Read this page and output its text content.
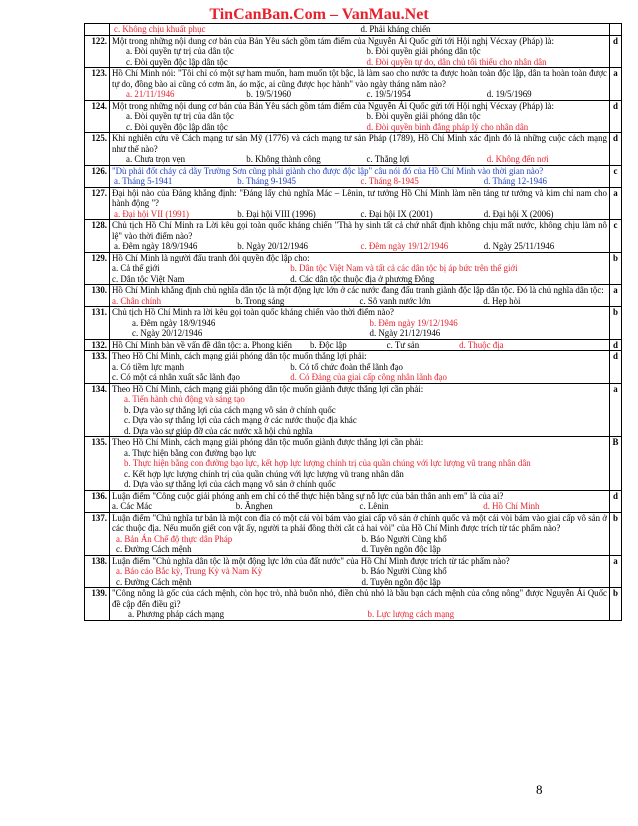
TinCanBan.Com – VanMau.Net

	c. Không chịu khuất phục d. Phải kháng chiến	

122.	Một trong những nội dung cơ bản của Bản Yêu sách gồm tám điểm của Nguyễn Ái Quốc gửi tới Hội nghị Vécxay (Pháp) là:
a. Đòi quyền tự trị của dân tộc b. Đòi quyền giải phóng dân tộc
c. Đòi quyền độc lập dân tộc d. Đòi quyền tự do, dân chủ tối thiểu cho nhân dân	d
123.	Hồ Chí Minh nói: "Tôi chỉ có một sự ham muốn, ham muốn tột bậc, là làm sao cho nước ta được hoàn toàn độc lập, dân ta hoàn toàn được tự do, đồng bào ai cũng có cơm ăn, áo mặc, ai cũng được học hành" vào ngày tháng năm nào?
a. 21/11/1946 b. 19/5/1960 c. 19/5/1954 d. 19/5/1969	a
124.	Một trong những nội dung cơ bản của Bản Yêu sách gồm tám điểm của Nguyễn Ái Quốc gửi tới Hội nghị Vécxay (Pháp) là:
a. Đòi quyền tự trị của dân tộc b. Đòi quyền giải phóng dân tộc
c. Đòi quyền độc lập dân tộc d. Đòi quyền bình đẳng pháp lý cho nhân dân	d
125.	Khi nghiên cứu về Cách mạng tư sản Mỹ (1776) và cách mạng tư sản Pháp (1789), Hồ Chí Minh xác định đó là những cuộc cách mạng như thế nào?
a. Chưa trọn vẹn b. Không thành công c. Thắng lợi d. Không đến nơi	d
126.	"Dù phải đốt cháy cả dãy Trường Sơn cũng phải giành cho được độc lập" câu nói đó của Hồ Chí Minh vào thời gian nào?
a. Tháng 5-1941 b. Tháng 9-1945 c. Tháng 8-1945 d. Tháng 12-1946	c
127.	Đại hội nào của Đảng khẳng định: "Đảng lấy chủ nghĩa Mác – Lênin, tư tưởng Hồ Chí Minh làm nền tảng tư tưởng và kim chỉ nam cho hành động "?
a. Đại hội VII (1991) b. Đại hội VIII (1996) c. Đại hội IX (2001) d. Đại hội X (2006)	a
128.	Chủ tịch Hồ Chí Minh ra Lời kêu gọi toàn quốc kháng chiến "Thà hy sinh tất cả chứ nhất định không chịu mất nước, không chịu làm nô lệ" vào thời điểm nào?
a. Đêm ngày 18/9/1946 b. Ngày 20/12/1946 c. Đêm ngày 19/12/1946 d. Ngày 25/11/1946	c
129.	Hồ Chí Minh là người đấu tranh đòi quyền độc lập cho:
a. Cả thế giới b. Dân tộc Việt Nam và tất cả các dân tộc bị áp bức trên thế giới
c. Dân tộc Việt Nam d. Các dân tộc thuộc địa ở phương Đông	b
130.	Hồ Chí Minh khẳng định chủ nghĩa dân tộc là một động lực lớn ở các nước đang đấu tranh giành độc lập dân tộc. Đó là chủ nghĩa dân tộc:
a. Chân chính b. Trong sáng c. Sô vanh nước lớn d. Hẹp hòi	a
131.	Chủ tịch Hồ Chí Minh ra lời kêu gọi toàn quốc kháng chiến vào thời điểm nào?
a. Đêm ngày 18/9/1946 b. Đêm ngày 19/12/1946
c. Ngày 20/12/1946 d. Ngày 21/12/1946	b
132.	Hồ Chí Minh bàn về vấn đề dân tộc: a. Phong kiến b. Độc lập c. Tư sản d. Thuộc địa	d
133.	Theo Hồ Chí Minh, cách mạng giải phóng dân tộc muốn thắng lợi phải:
a. Có tiềm lực mạnh b. Có tổ chức đoàn thể lãnh đạo
c. Có một cá nhân xuất sắc lãnh đạo d. Có Đảng của giai cấp công nhân lãnh đạo	d
134.	Theo Hồ Chí Minh, cách mạng giải phóng dân tộc muốn giành được thắng lợi cần phải:
a. Tiến hành chủ động và sáng tạo
b. Dựa vào sự thắng lợi của cách mạng vô sản ở chính quốc
c. Dựa vào sự thắng lợi của cách mạng ở các nước thuộc địa khác
d. Dựa vào sự giúp đỡ của các nước xã hội chủ nghĩa	a
135.	Theo Hồ Chí Minh, cách mạng giải phóng dân tộc muốn giành được thắng lợi cần phải:
a. Thực hiện bằng con đường bạo lực
b. Thực hiện bằng con đường bạo lực, kết hợp lực lượng chính trị của quần chúng với lực lượng vũ trang nhân dân
c. Kết hợp lực lượng chính trị của quần chúng với lực lượng vũ trang nhân dân
d. Dựa vào sự thắng lợi của cách mạng vô sản ở chính quốc	B
136.	Luận điểm "Công cuộc giải phóng anh em chỉ có thể thực hiện bằng sự nỗ lực của bản thân anh em" là của ai?
a. Các Mác b. Ănghen c. Lênin d. Hồ Chí Minh	d
137.	Luận điểm "Chủ nghĩa tư bản là một con đỉa có một cái vòi bám vào giai cấp vô sản ở chính quốc và một cái vòi bám vào giai cấp vô sản ở các thuộc địa. Nếu muốn giết con vật ấy, người ta phải đồng thời cắt cả hai vòi" của Hồ Chí Minh được trích từ tác phẩm nào?
a. Bản Án Chế độ thực dân Pháp b. Báo Người Cùng khổ
c. Đường Cách mệnh d. Tuyên ngôn độc lập	b
138.	Luận điểm "Chủ nghĩa dân tộc là một động lực lớn của đất nước" của Hồ Chí Minh được trích từ tác phẩm nào?
a. Báo cáo Bắc kỳ, Trung Kỳ và Nam Kỳ b. Báo Người Cùng khổ
c. Đường Cách mệnh d. Tuyên ngôn độc lập	a
139.	"Công nông là gốc của cách mệnh, còn học trò, nhà buôn nhỏ, điền chủ nhỏ là bầu bạn cách mệnh của công nông" được Nguyễn Ái Quốc đề cập đến điều gì?
a. Phương pháp cách mạng b. Lực lượng cách mạng	b
8
